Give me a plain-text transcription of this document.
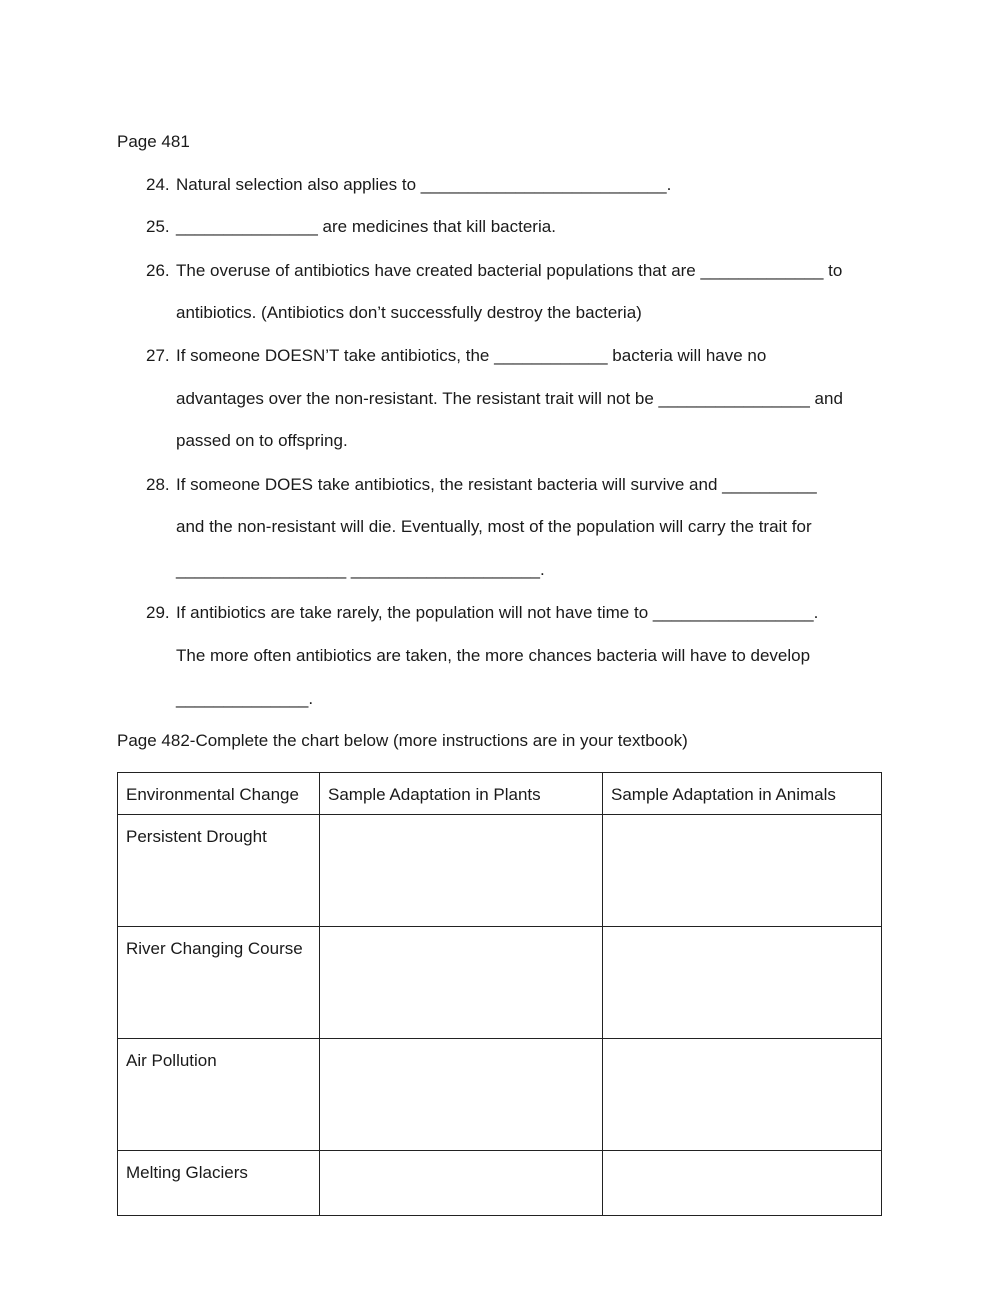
Page 481
24. Natural selection also applies to __________________________.
25. _______________ are medicines that kill bacteria.
26. The overuse of antibiotics have created bacterial populations that are _____________ to
antibiotics. (Antibiotics don’t successfully destroy the bacteria)
27. If someone DOESN’T take antibiotics, the ____________ bacteria will have no
advantages over the non-resistant. The resistant trait will not be ________________ and
passed on to offspring.
28. If someone DOES take antibiotics, the resistant bacteria will survive and __________
and the non-resistant will die. Eventually, most of the population will carry the trait for
__________________ ____________________.
29. If antibiotics are take rarely, the population will not have time to _________________.
The more often antibiotics are taken, the more chances bacteria will have to develop
______________.
Page 482-Complete the chart below (more instructions are in your textbook)
Environmental Change	Sample Adaptation in Plants	Sample Adaptation in Animals
Persistent Drought		
River Changing Course		
Air Pollution		
Melting Glaciers		
